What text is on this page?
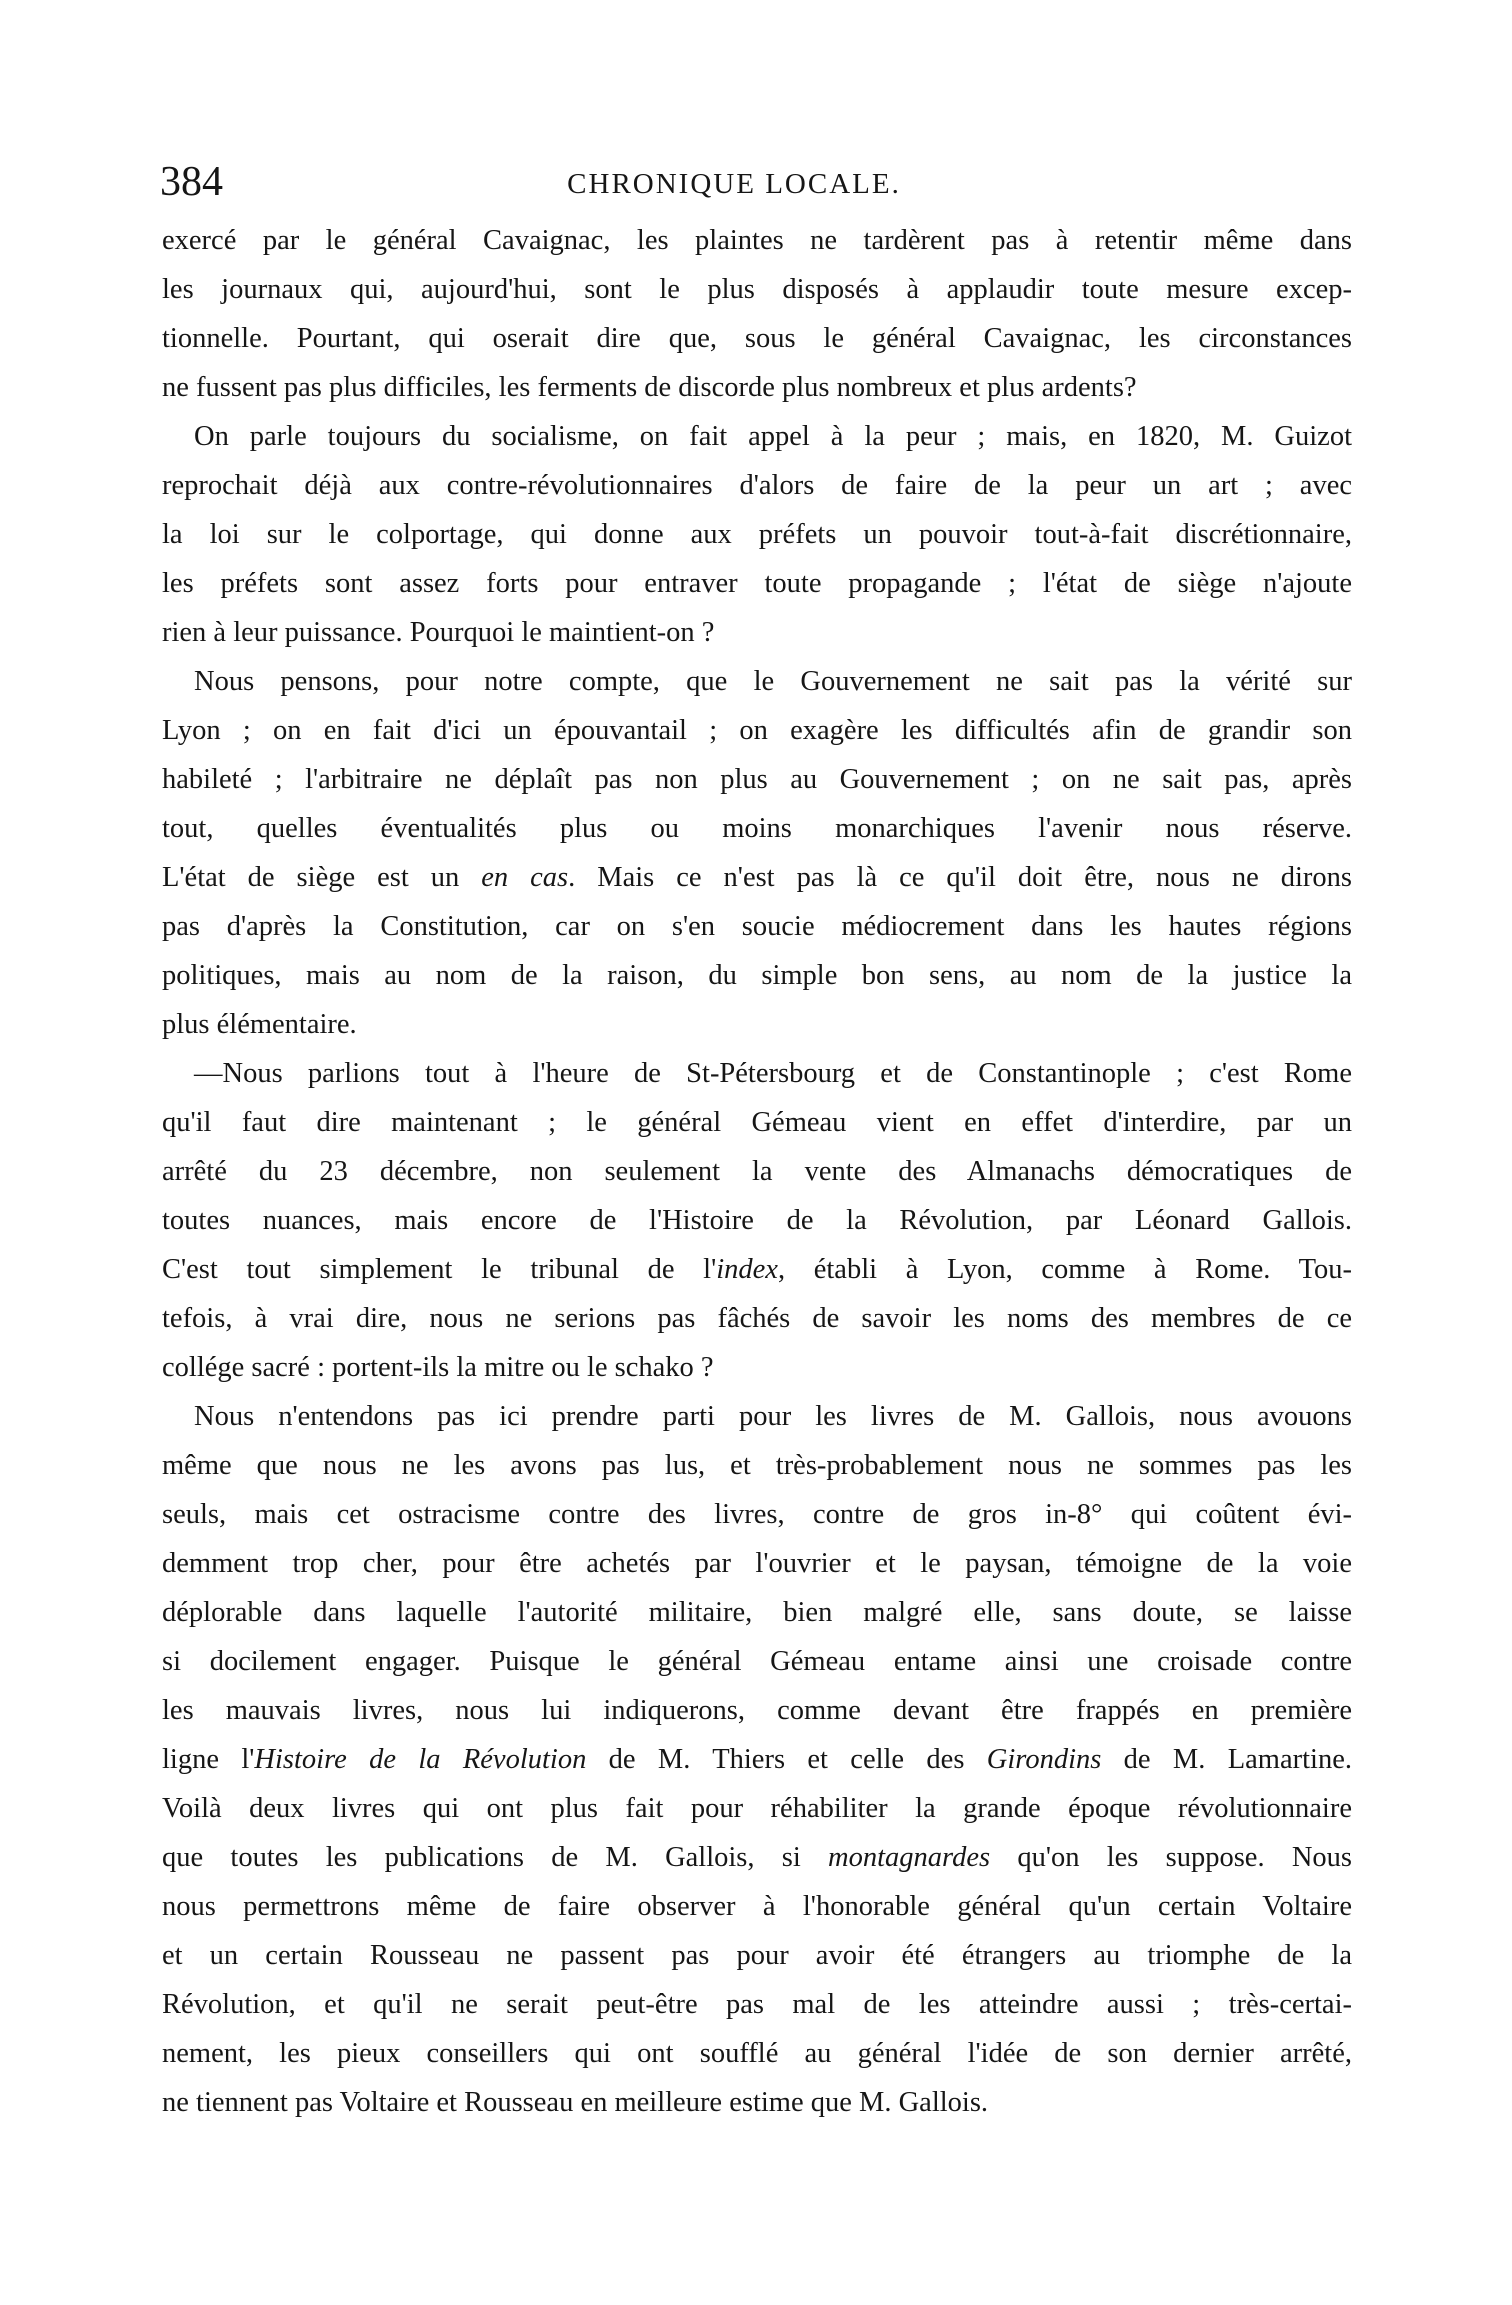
384	CHRONIQUE LOCALE.
exercé par le général Cavaignac, les plaintes ne tardèrent pas à retentir même dans
les journaux qui, aujourd'hui, sont le plus disposés à applaudir toute mesure excep-
tionnelle. Pourtant, qui oserait dire que, sous le général Cavaignac, les circonstances
ne fussent pas plus difficiles, les ferments de discorde plus nombreux et plus ardents?
On parle toujours du socialisme, on fait appel à la peur ; mais, en 1820, M. Guizot
reprochait déjà aux contre-révolutionnaires d'alors de faire de la peur un art ; avec
la loi sur le colportage, qui donne aux préfets un pouvoir tout-à-fait discrétionnaire,
les préfets sont assez forts pour entraver toute propagande ; l'état de siège n'ajoute
rien à leur puissance. Pourquoi le maintient-on ?
Nous pensons, pour notre compte, que le Gouvernement ne sait pas la vérité sur
Lyon ; on en fait d'ici un épouvantail ; on exagère les difficultés afin de grandir son
habileté ; l'arbitraire ne déplaît pas non plus au Gouvernement ; on ne sait pas, après
tout, quelles éventualités plus ou moins monarchiques l'avenir nous réserve.
L'état de siège est un en cas. Mais ce n'est pas là ce qu'il doit être, nous ne dirons
pas d'après la Constitution, car on s'en soucie médiocrement dans les hautes régions
politiques, mais au nom de la raison, du simple bon sens, au nom de la justice la
plus élémentaire.
—Nous parlions tout à l'heure de St-Pétersbourg et de Constantinople ; c'est Rome
qu'il faut dire maintenant ; le général Gémeau vient en effet d'interdire, par un
arrêté du 23 décembre, non seulement la vente des Almanachs démocratiques de
toutes nuances, mais encore de l'Histoire de la Révolution, par Léonard Gallois.
C'est tout simplement le tribunal de l'index, établi à Lyon, comme à Rome. Tou-
tefois, à vrai dire, nous ne serions pas fâchés de savoir les noms des membres de ce
collége sacré : portent-ils la mitre ou le schako ?
Nous n'entendons pas ici prendre parti pour les livres de M. Gallois, nous avouons
même que nous ne les avons pas lus, et très-probablement nous ne sommes pas les
seuls, mais cet ostracisme contre des livres, contre de gros in-8° qui coûtent évi-
demment trop cher, pour être achetés par l'ouvrier et le paysan, témoigne de la voie
déplorable dans laquelle l'autorité militaire, bien malgré elle, sans doute, se laisse
si docilement engager. Puisque le général Gémeau entame ainsi une croisade contre
les mauvais livres, nous lui indiquerons, comme devant être frappés en première
ligne l'Histoire de la Révolution de M. Thiers et celle des Girondins de M. Lamartine.
Voilà deux livres qui ont plus fait pour réhabiliter la grande époque révolutionnaire
que toutes les publications de M. Gallois, si montagnardes qu'on les suppose. Nous
nous permettrons même de faire observer à l'honorable général qu'un certain Voltaire
et un certain Rousseau ne passent pas pour avoir été étrangers au triomphe de la
Révolution, et qu'il ne serait peut-être pas mal de les atteindre aussi ; très-certai-
nement, les pieux conseillers qui ont soufflé au général l'idée de son dernier arrêté,
ne tiennent pas Voltaire et Rousseau en meilleure estime que M. Gallois.
